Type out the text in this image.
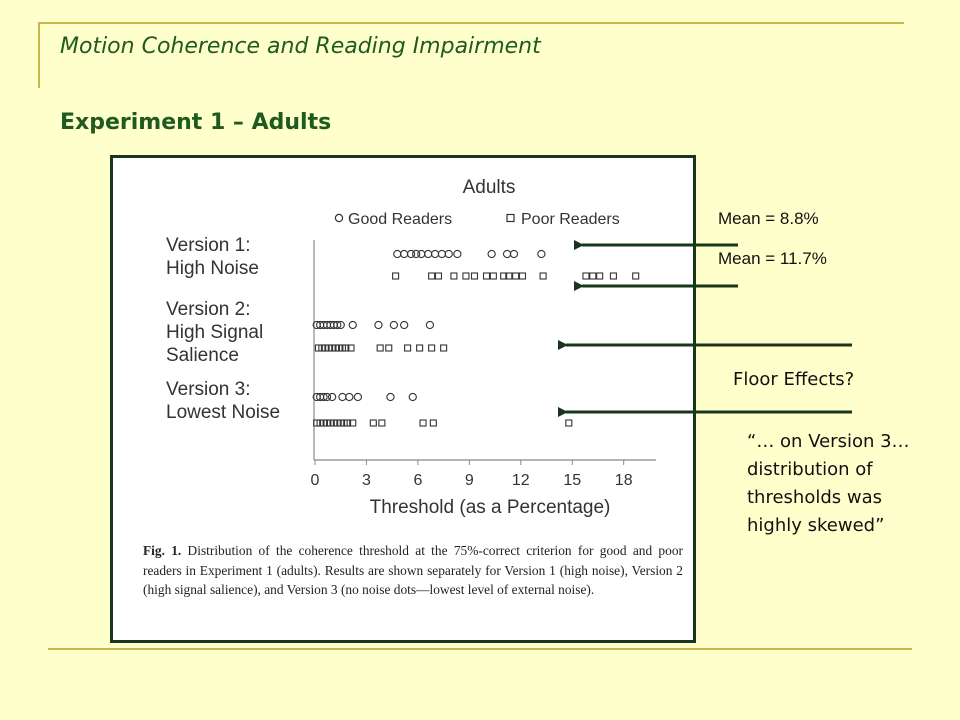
Motion Coherence and Reading Impairment
Experiment 1 – Adults
Adults
Good Readers	Poor Readers
0	3	6	9 12 15 18
Threshold (as a Percentage)
Version 1:
High Noise
Version 2:
High Signal
Salience
Version 3:
Lowest Noise
Fig. 1. Distribution of the coherence threshold at the 75%-correct criterion for good and poor readers in Experiment 1 (adults). Results are shown separately for Version 1 (high noise), Version 2 (high signal salience), and Version 3 (no noise dots—lowest level of external noise).
Mean = 8.8%
Mean = 11.7%
Floor Effects?
“… on Version 3… distribution of thresholds was highly skewed”
